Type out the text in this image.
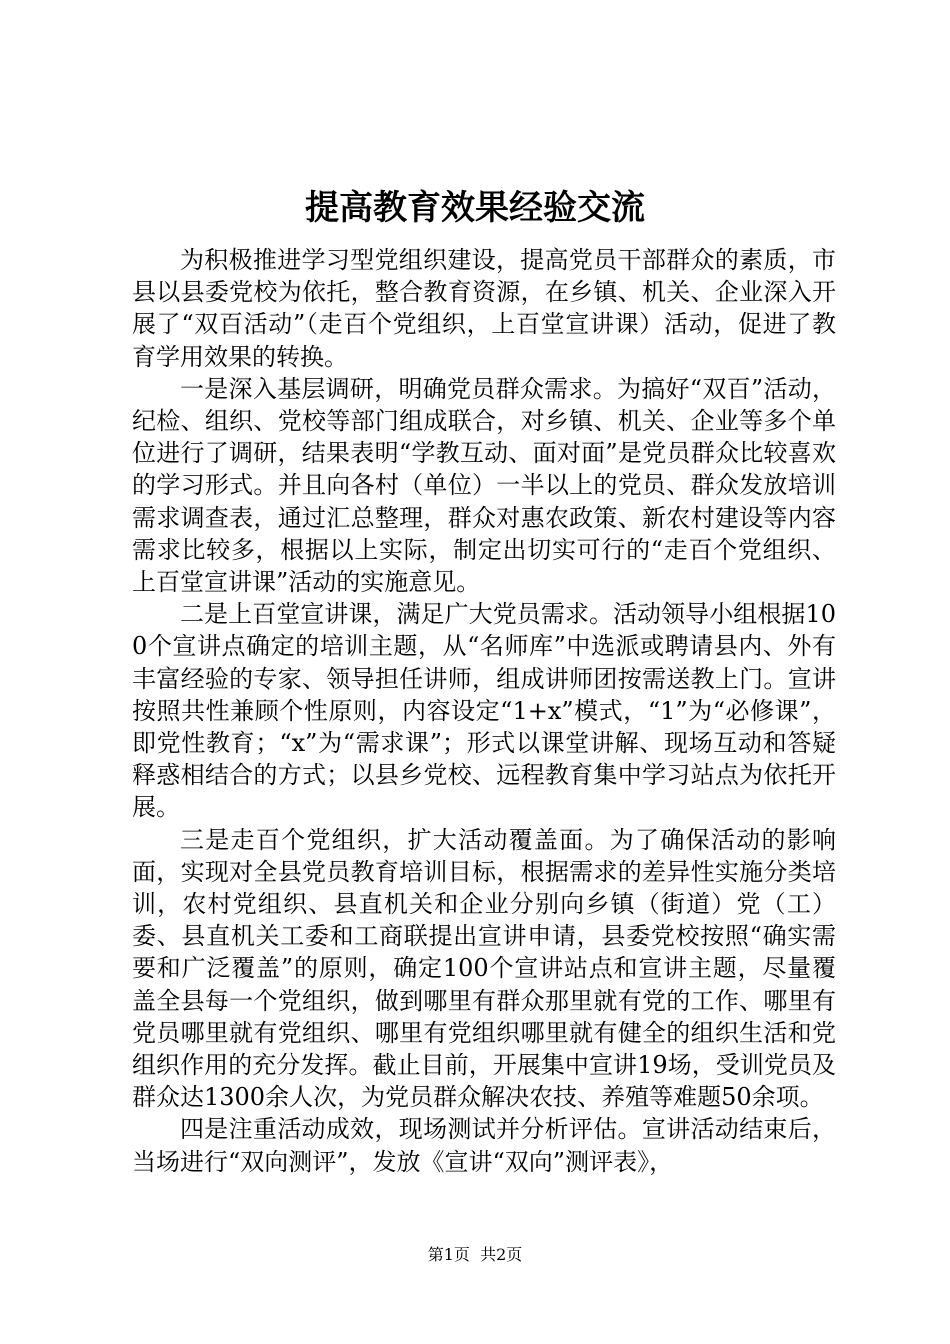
提高教育效果经验交流

为积极推进学习型党组织建设，提高党员干部群众的素质，市县以县委党校为依托，整合教育资源，在乡镇、机关、企业深入开展了“双百活动”（走百个党组织，上百堂宣讲课）活动，促进了教育学用效果的转换。

一是深入基层调研，明确党员群众需求。为搞好“双百”活动，纪检、组织、党校等部门组成联合，对乡镇、机关、企业等多个单位进行了调研，结果表明“学教互动、面对面”是党员群众比较喜欢的学习形式。并且向各村（单位）一半以上的党员、群众发放培训需求调查表，通过汇总整理，群众对惠农政策、新农村建设等内容需求比较多，根据以上实际，制定出切实可行的“走百个党组织、上百堂宣讲课”活动的实施意见。

二是上百堂宣讲课，满足广大党员需求。活动领导小组根据100个宣讲点确定的培训主题，从“名师库”中选派或聘请县内、外有丰富经验的专家、领导担任讲师，组成讲师团按需送教上门。宣讲按照共性兼顾个性原则，内容设定“1+x”模式，“1”为“必修课”，即党性教育；“x”为“需求课”；形式以课堂讲解、现场互动和答疑释惑相结合的方式；以县乡党校、远程教育集中学习站点为依托开展。

三是走百个党组织，扩大活动覆盖面。为了确保活动的影响面，实现对全县党员教育培训目标，根据需求的差异性实施分类培训，农村党组织、县直机关和企业分别向乡镇（街道）党（工）委、县直机关工委和工商联提出宣讲申请，县委党校按照“确实需要和广泛覆盖”的原则，确定100个宣讲站点和宣讲主题，尽量覆盖全县每一个党组织，做到哪里有群众那里就有党的工作、哪里有党员哪里就有党组织、哪里有党组织哪里就有健全的组织生活和党组织作用的充分发挥。截止目前，开展集中宣讲19场，受训党员及群众达1300余人次，为党员群众解决农技、养殖等难题50余项。

四是注重活动成效，现场测试并分析评估。宣讲活动结束后，当场进行“双向测评”，发放《宣讲“双向”测评表》，

第1页 共2页
